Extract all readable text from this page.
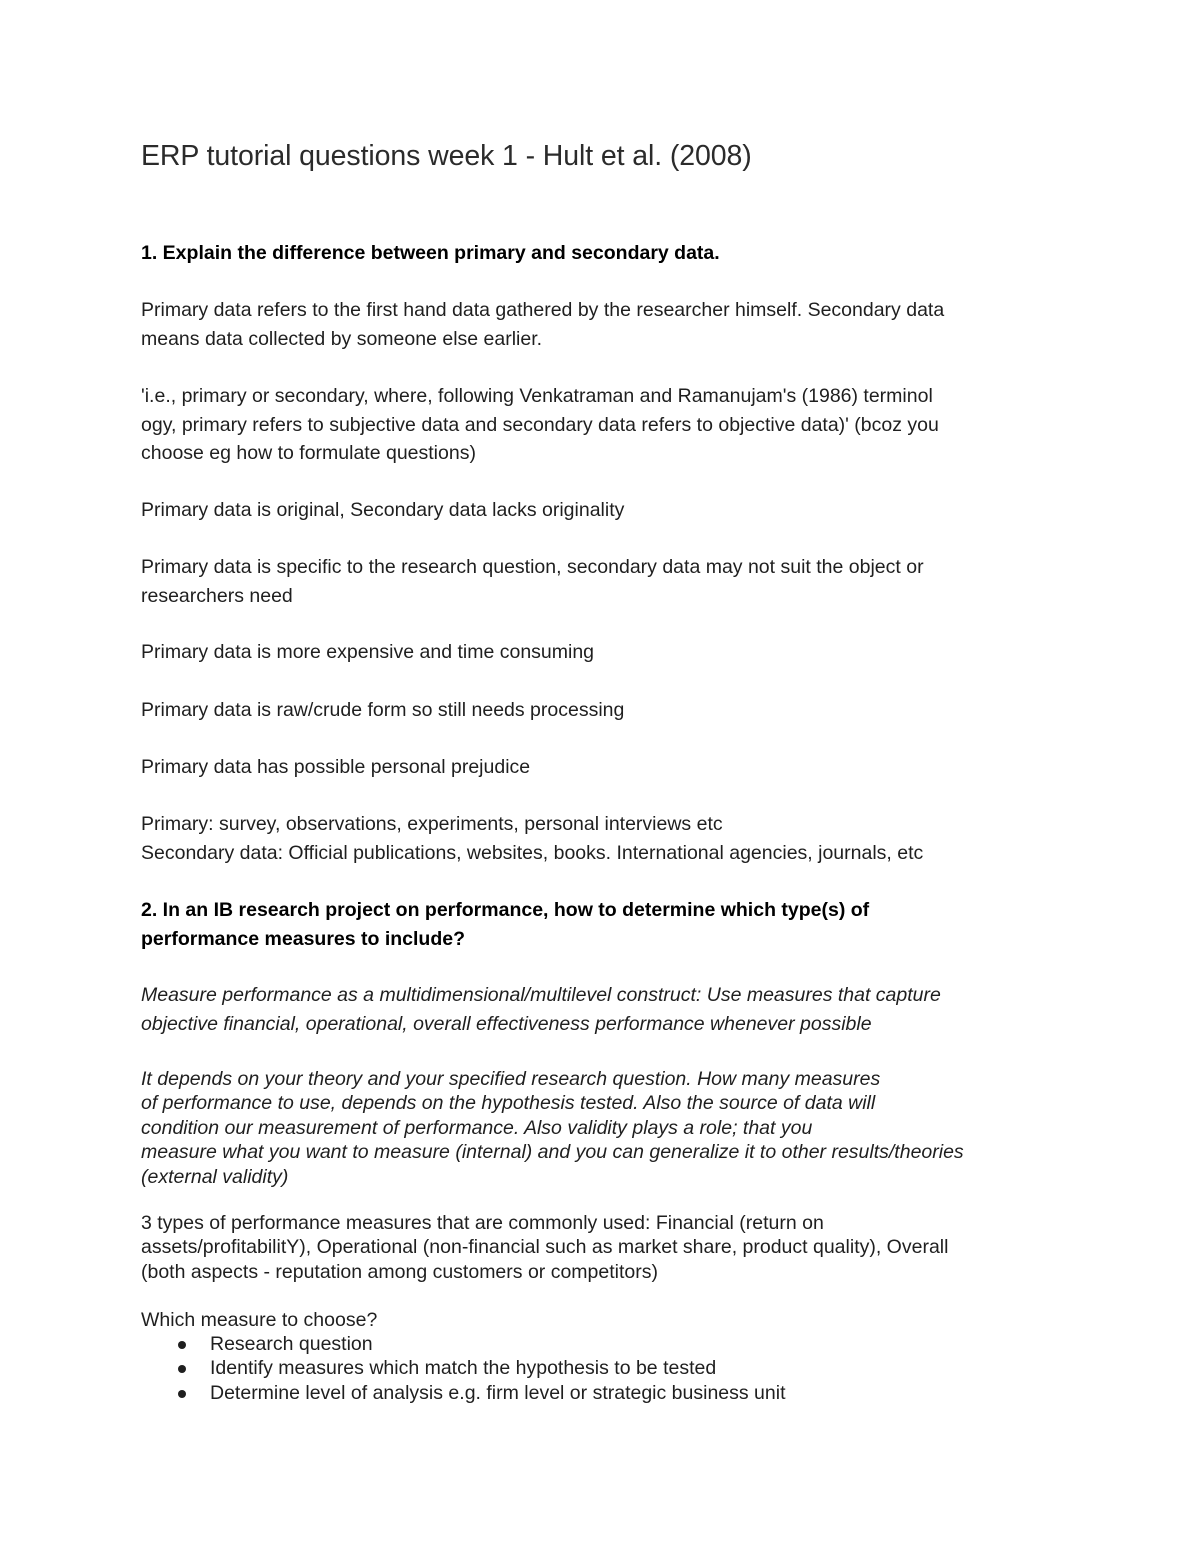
ERP tutorial questions week 1 - Hult et al. (2008)

1. Explain the difference between primary and secondary data.

Primary data refers to the first hand data gathered by the researcher himself. Secondary data
means data collected by someone else earlier.

'i.e., primary or secondary, where, following Venkatraman and Ramanujam's (1986) terminol
ogy, primary refers to subjective data and secondary data refers to objective data)' (bcoz you
choose eg how to formulate questions)

Primary data is original, Secondary data lacks originality

Primary data is specific to the research question, secondary data may not suit the object or
researchers need

Primary data is more expensive and time consuming

Primary data is raw/crude form so still needs processing

Primary data has possible personal prejudice

Primary: survey, observations, experiments, personal interviews etc
Secondary data: Official publications, websites, books. International agencies, journals, etc

2. In an IB research project on performance, how to determine which type(s) of
performance measures to include?

Measure performance as a multidimensional/multilevel construct: Use measures that capture
objective financial, operational, overall effectiveness performance whenever possible

It depends on your theory and your specified research question. How many measures
of performance to use, depends on the hypothesis tested. Also the source of data will
condition our measurement of performance. Also validity plays a role; that you
measure what you want to measure (internal) and you can generalize it to other results/theories
(external validity)

3 types of performance measures that are commonly used: Financial (return on
assets/profitabilitY), Operational (non-financial such as market share, product quality), Overall
(both aspects - reputation among customers or competitors)

Which measure to choose?

Research question
Identify measures which match the hypothesis to be tested
Determine level of analysis e.g. firm level or strategic business unit
